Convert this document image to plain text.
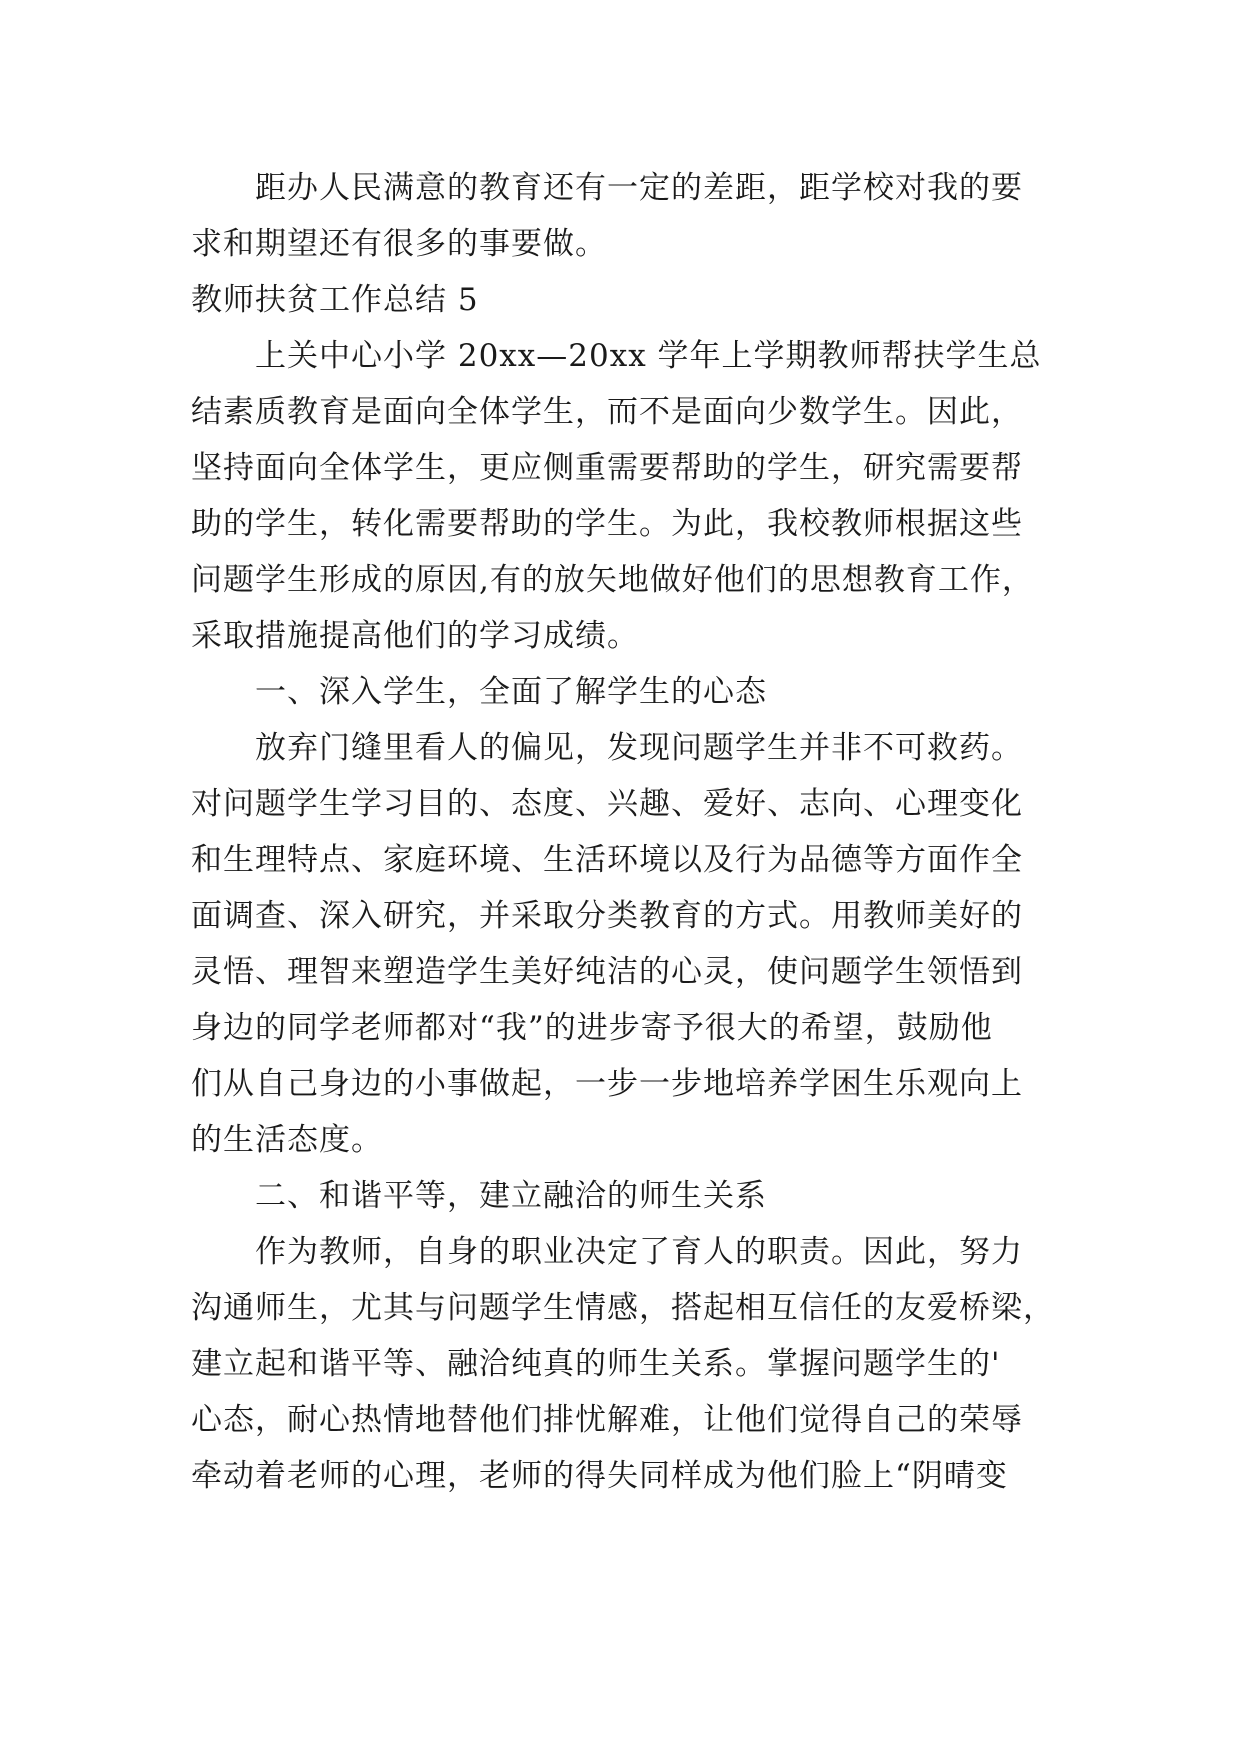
距办人民满意的教育还有一定的差距，距学校对我的要
求和期望还有很多的事要做。
教师扶贫工作总结 5
上关中心小学 20xx—20xx 学年上学期教师帮扶学生总
结素质教育是面向全体学生，而不是面向少数学生。因此，
坚持面向全体学生，更应侧重需要帮助的学生，研究需要帮
助的学生，转化需要帮助的学生。为此，我校教师根据这些
问题学生形成的原因,有的放矢地做好他们的思想教育工作，
采取措施提高他们的学习成绩。
一、深入学生，全面了解学生的心态
放弃门缝里看人的偏见，发现问题学生并非不可救药。
对问题学生学习目的、态度、兴趣、爱好、志向、心理变化
和生理特点、家庭环境、生活环境以及行为品德等方面作全
面调查、深入研究，并采取分类教育的方式。用教师美好的
灵悟、理智来塑造学生美好纯洁的心灵，使问题学生领悟到
身边的同学老师都对“我”的进步寄予很大的希望，鼓励他
们从自己身边的小事做起，一步一步地培养学困生乐观向上
的生活态度。
二、和谐平等，建立融洽的师生关系
作为教师，自身的职业决定了育人的职责。因此，努力
沟通师生，尤其与问题学生情感，搭起相互信任的友爱桥梁，
建立起和谐平等、融洽纯真的师生关系。掌握问题学生的'
心态，耐心热情地替他们排忧解难，让他们觉得自己的荣辱
牵动着老师的心理，老师的得失同样成为他们脸上“阴晴变
